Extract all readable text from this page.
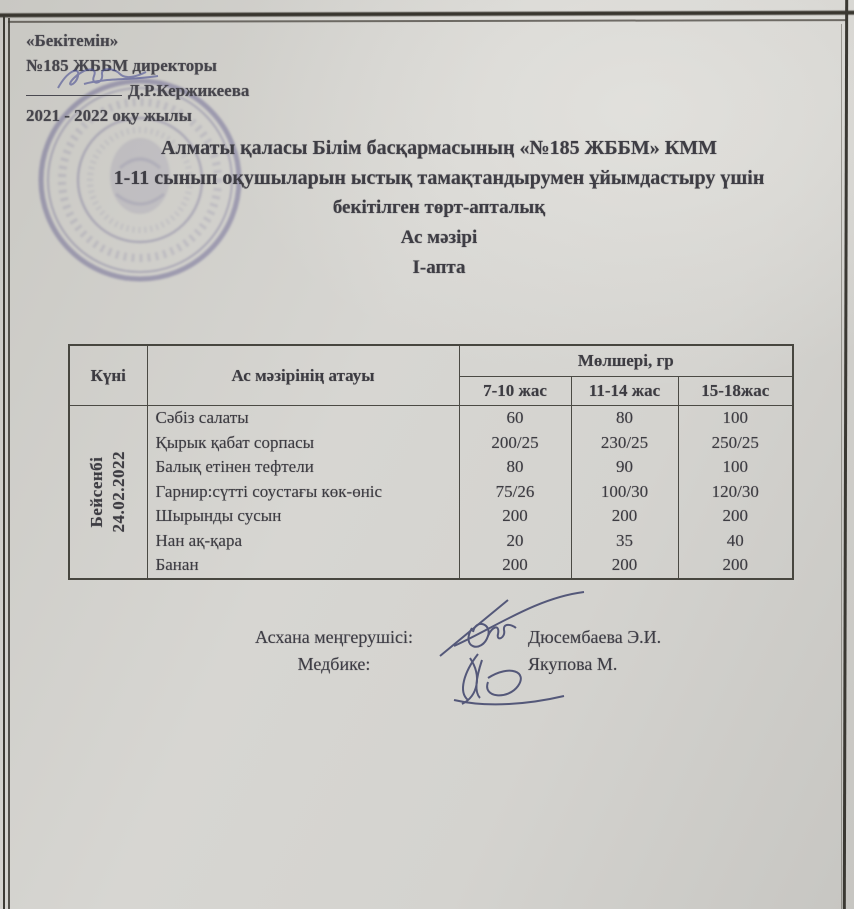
«Бекітемін»
№185 ЖББМ директоры
Д.Р.Кержикеева
2021 - 2022 оқу жылы
Алматы қаласы Білім басқармасының «№185 ЖББМ» КММ
1-11 сынып оқушыларын ыстық тамақтандырумен ұйымдастыру үшін
бекітілген төрт-апталық
Ас мәзірі
I-апта
Күні	Ас мәзірінің атауы	Мөлшері, гр		
		7-10 жас	11-14 жас	15-18жас

Бейсенбі 24.02.2022	Сәбіз салаты	60	80	100
	Қырык қабат сорпасы	200/25	230/25	250/25
	Балық етінен тефтели	80	90	100
	Гарнир:сүтті соустағы көк-өніс	75/26	100/30	120/30
	Шырынды сусын	200	200	200
	Нан ақ-қара	20	35	40
	Банан	200	200	200
Асхана меңгерушісі:
Медбике:
Дюсембаева Э.И.
Якупова М.
